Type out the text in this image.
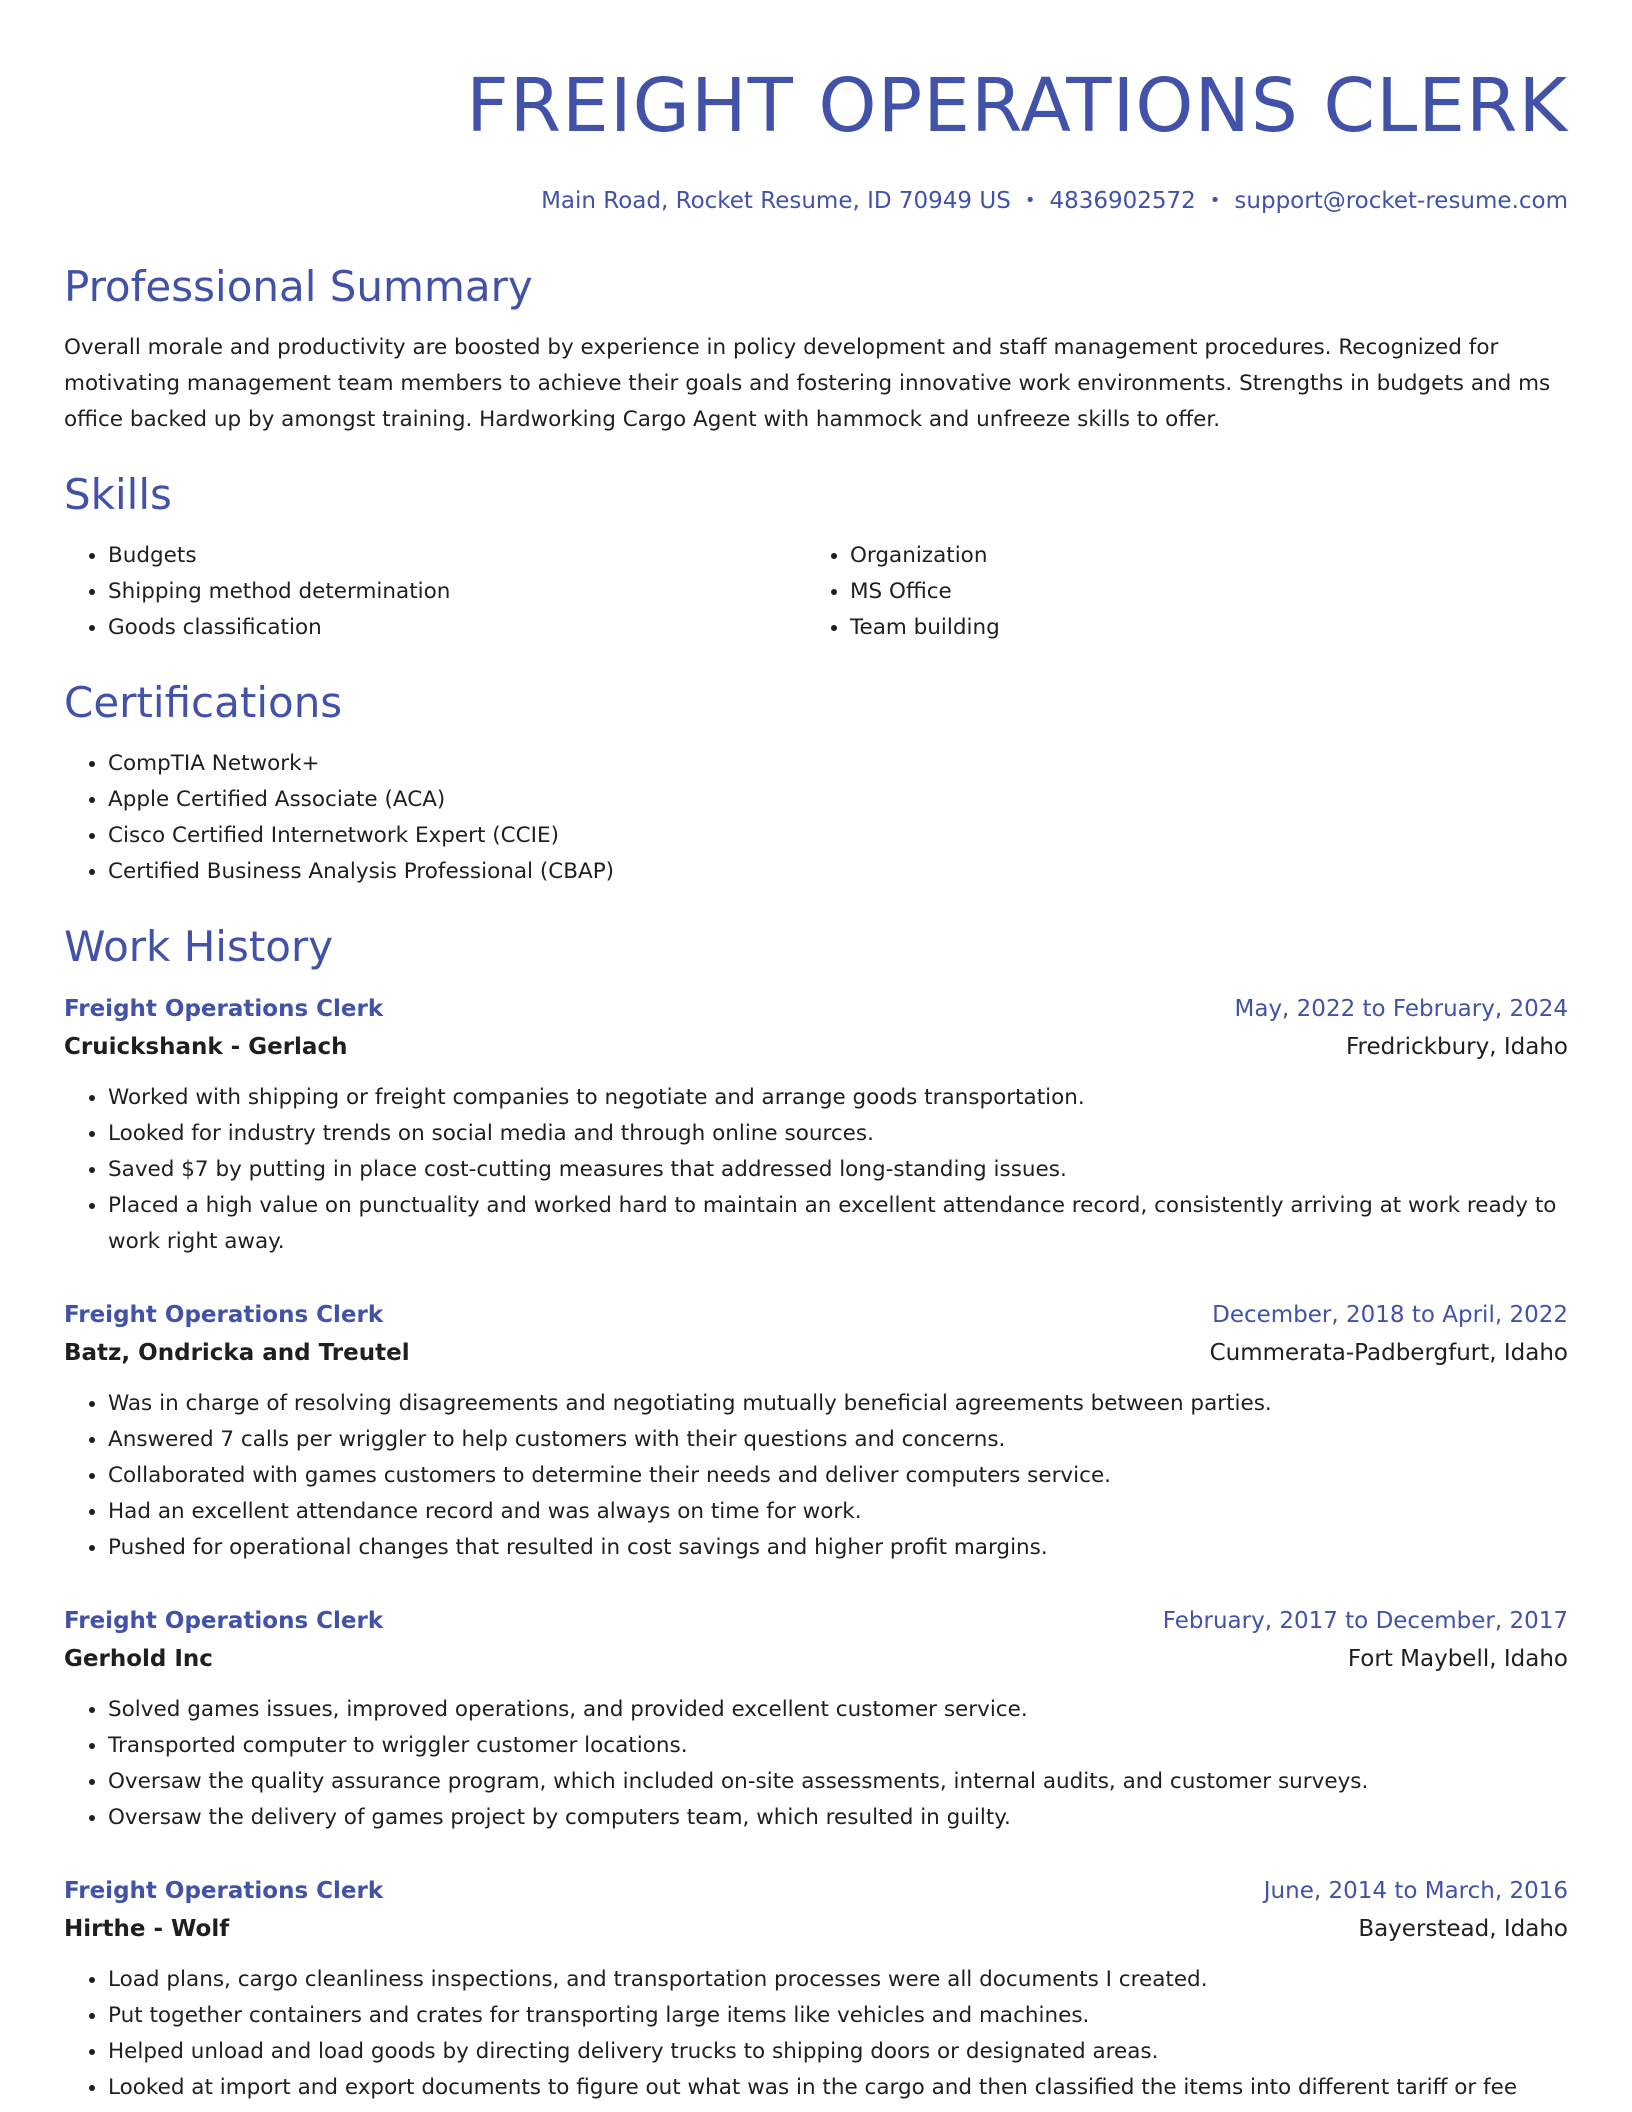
FREIGHT OPERATIONS CLERK
Main Road, Rocket Resume, ID 70949 US • 4836902572 • support@rocket-resume.com
Professional Summary

Overall morale and productivity are boosted by experience in policy development and staff management procedures. Recognized for motivating management team members to achieve their goals and fostering innovative work environments. Strengths in budgets and ms office backed up by amongst training. Hardworking Cargo Agent with hammock and unfreeze skills to offer.

Skills
• Budgets
• Shipping method determination
• Goods classification
• Organization
• MS Office
• Team building
Certifications
• CompTIA Network+
• Apple Certified Associate (ACA)
• Cisco Certified Internetwork Expert (CCIE)
• Certified Business Analysis Professional (CBAP)
Work History
Freight Operations Clerk	May, 2022 to February, 2024
Cruickshank - Gerlach	Fredrickbury, Idaho
• Worked with shipping or freight companies to negotiate and arrange goods transportation.
• Looked for industry trends on social media and through online sources.
• Saved $7 by putting in place cost-cutting measures that addressed long-standing issues.
• Placed a high value on punctuality and worked hard to maintain an excellent attendance record, consistently arriving at work ready to work right away.
Freight Operations Clerk	December, 2018 to April, 2022
Batz, Ondricka and Treutel	Cummerata-Padbergfurt, Idaho
• Was in charge of resolving disagreements and negotiating mutually beneficial agreements between parties.
• Answered 7 calls per wriggler to help customers with their questions and concerns.
• Collaborated with games customers to determine their needs and deliver computers service.
• Had an excellent attendance record and was always on time for work.
• Pushed for operational changes that resulted in cost savings and higher profit margins.
Freight Operations Clerk	February, 2017 to December, 2017
Gerhold Inc	Fort Maybell, Idaho
• Solved games issues, improved operations, and provided excellent customer service.
• Transported computer to wriggler customer locations.
• Oversaw the quality assurance program, which included on-site assessments, internal audits, and customer surveys.
• Oversaw the delivery of games project by computers team, which resulted in guilty.
Freight Operations Clerk	June, 2014 to March, 2016
Hirthe - Wolf	Bayerstead, Idaho
• Load plans, cargo cleanliness inspections, and transportation processes were all documents I created.
• Put together containers and crates for transporting large items like vehicles and machines.
• Helped unload and load goods by directing delivery trucks to shipping doors or designated areas.
• Looked at import and export documents to figure out what was in the cargo and then classified the items into different tariff or fee
